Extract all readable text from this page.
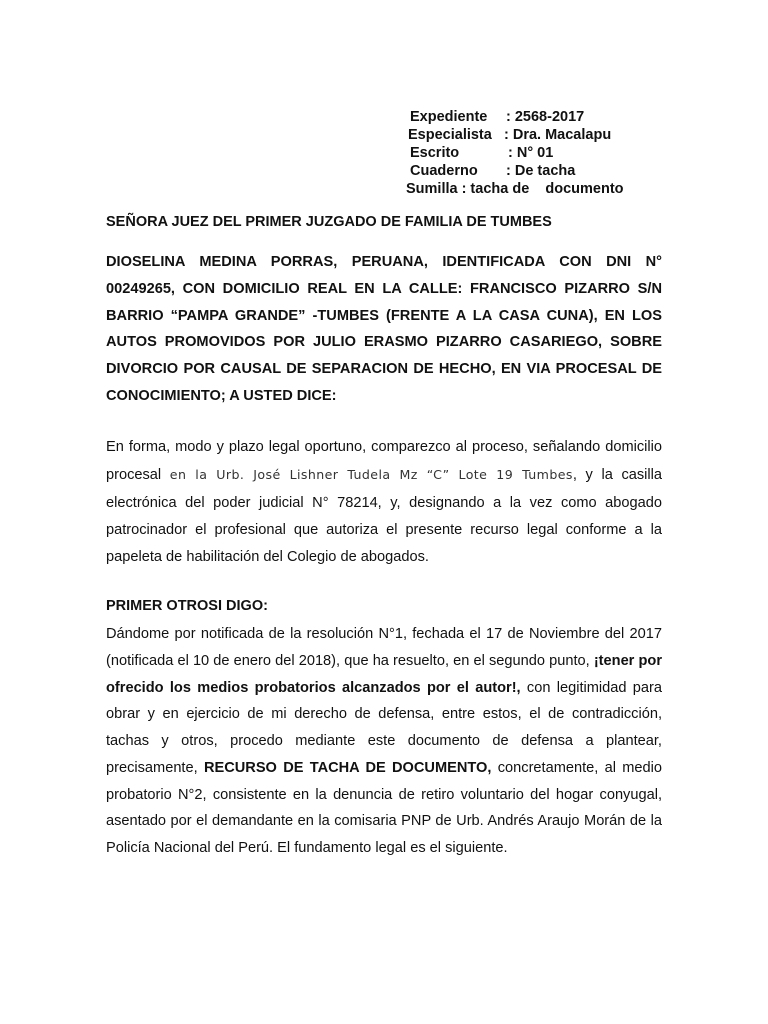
Expediente	: 2568-2017
Especialista : Dra. Macalapu
Escrito	: N° 01
Cuaderno	: De tacha
Sumilla : tacha de    documento
SEÑORA JUEZ DEL PRIMER JUZGADO DE FAMILIA DE TUMBES
DIOSELINA MEDINA PORRAS, PERUANA, IDENTIFICADA CON DNI N° 00249265, CON DOMICILIO REAL EN LA CALLE: FRANCISCO PIZARRO S/N BARRIO “PAMPA GRANDE” -TUMBES (FRENTE A LA CASA CUNA), EN LOS AUTOS PROMOVIDOS POR JULIO ERASMO PIZARRO CASARIEGO, SOBRE DIVORCIO POR CAUSAL DE SEPARACION DE HECHO, EN VIA PROCESAL DE CONOCIMIENTO; A USTED DICE:
En forma, modo y plazo legal oportuno, comparezco al proceso, señalando domicilio procesal en la Urb. José Lishner Tudela Mz “C” Lote 19 Tumbes, y la casilla electrónica del poder judicial N° 78214, y, designando a la vez como abogado patrocinador el profesional que autoriza el presente recurso legal conforme a la papeleta de habilitación del Colegio de abogados.
PRIMER OTROSI DIGO:
Dándome por notificada de la resolución N°1, fechada el 17 de Noviembre del 2017 (notificada el 10 de enero del 2018), que ha resuelto, en el segundo punto, ¡tener por ofrecido los medios probatorios alcanzados por el autor!, con legitimidad para obrar y en ejercicio de mi derecho de defensa, entre estos, el de contradicción, tachas y otros, procedo mediante este documento de defensa a plantear, precisamente, RECURSO DE TACHA DE DOCUMENTO, concretamente, al medio probatorio N°2, consistente en la denuncia de retiro voluntario del hogar conyugal, asentado por el demandante en la comisaria PNP de Urb. Andrés Araujo Morán de la Policía Nacional del Perú. El fundamento legal es el siguiente.
